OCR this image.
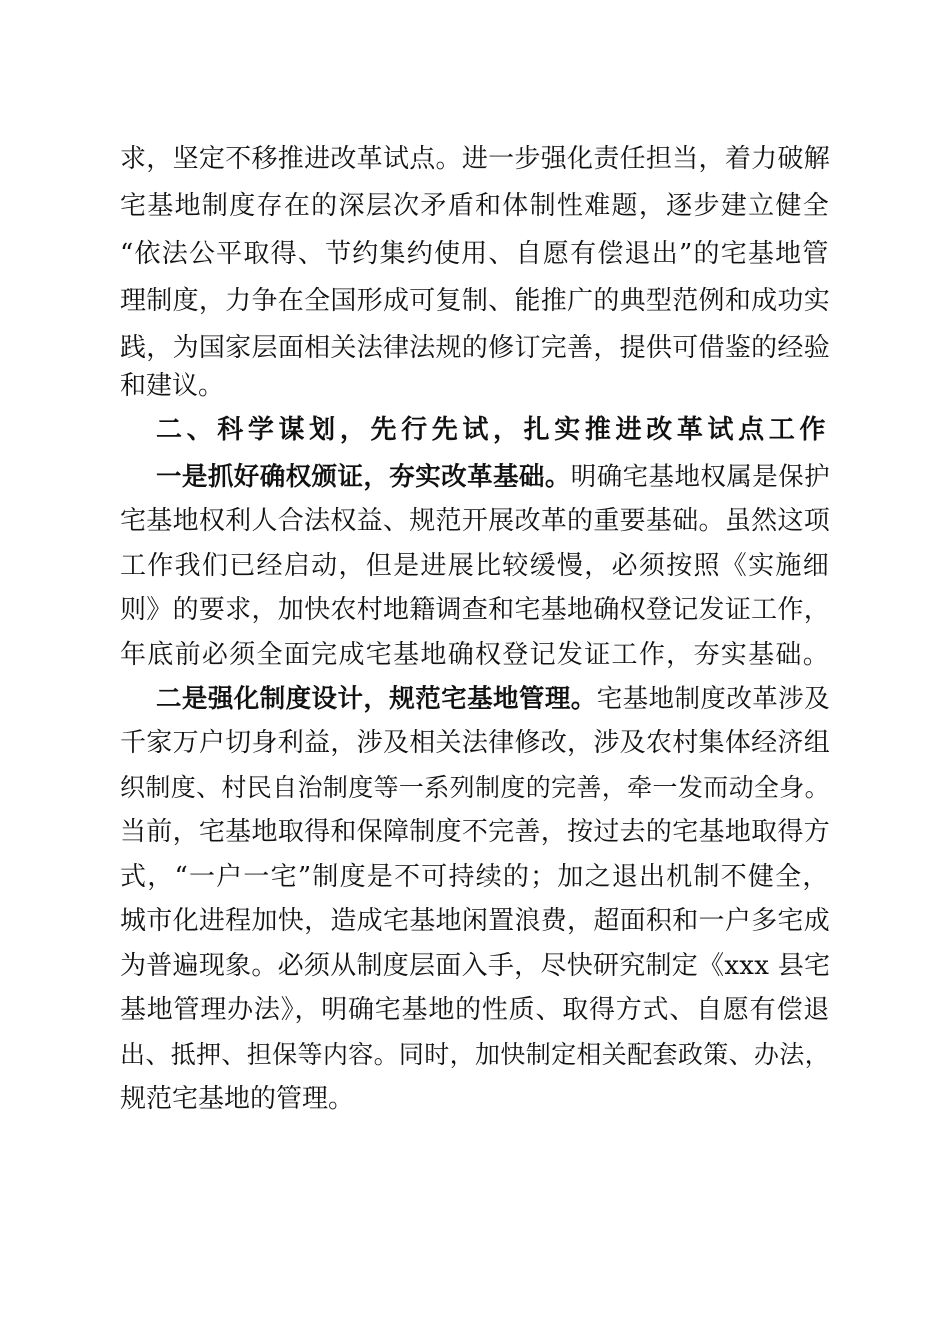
求，坚定不移推进改革试点。进一步强化责任担当，着力破解
宅基地制度存在的深层次矛盾和体制性难题，逐步建立健全
“依法公平取得、节约集约使用、自愿有偿退出”的宅基地管
理制度，力争在全国形成可复制、能推广的典型范例和成功实
践，为国家层面相关法律法规的修订完善，提供可借鉴的经验
和建议。
二、科学谋划，先行先试，扎实推进改革试点工作
一是抓好确权颁证，夯实改革基础。明确宅基地权属是保护
宅基地权利人合法权益、规范开展改革的重要基础。虽然这项
工作我们已经启动，但是进展比较缓慢，必须按照《实施细
则》的要求，加快农村地籍调查和宅基地确权登记发证工作，
年底前必须全面完成宅基地确权登记发证工作，夯实基础。
二是强化制度设计，规范宅基地管理。宅基地制度改革涉及
千家万户切身利益，涉及相关法律修改，涉及农村集体经济组
织制度、村民自治制度等一系列制度的完善，牵一发而动全身。
当前，宅基地取得和保障制度不完善，按过去的宅基地取得方
式，“一户一宅”制度是不可持续的；加之退出机制不健全，
城市化进程加快，造成宅基地闲置浪费，超面积和一户多宅成
为普遍现象。必须从制度层面入手，尽快研究制定《xxx 县宅
基地管理办法》，明确宅基地的性质、取得方式、自愿有偿退
出、抵押、担保等内容。同时，加快制定相关配套政策、办法，
规范宅基地的管理。
